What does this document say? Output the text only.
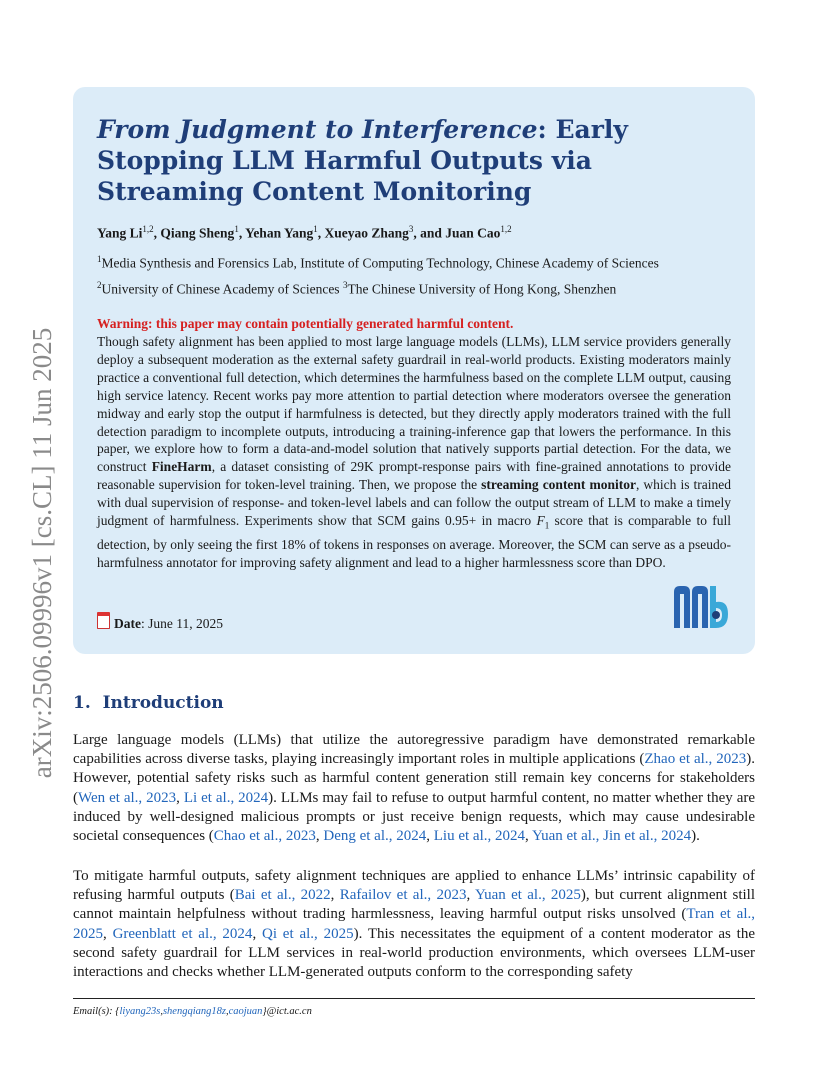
arXiv:2506.09996v1 [cs.CL] 11 Jun 2025
From Judgment to Interference: Early Stopping LLM Harmful Outputs via Streaming Content Monitoring
Yang Li$^{1,2}$, Qiang Sheng$^1$, Yehan Yang$^1$, Xueyao Zhang$^3$, and Juan Cao$^{1,2}$
$^1$Media Synthesis and Forensics Lab, Institute of Computing Technology, Chinese Academy of Sciences
$^2$University of Chinese Academy of Sciences $^3$The Chinese University of Hong Kong, Shenzhen
Warning: this paper may contain potentially generated harmful content.

Though safety alignment has been applied to most large language models (LLMs), LLM service providers generally deploy a subsequent moderation as the external safety guardrail in real-world products. Existing moderators mainly practice a conventional full detection, which determines the harmfulness based on the complete LLM output, causing high service latency. Recent works pay more attention to partial detection where moderators oversee the generation midway and early stop the output if harmfulness is detected, but they directly apply moderators trained with the full detection paradigm to incomplete outputs, introducing a training-inference gap that lowers the performance. In this paper, we explore how to form a data-and-model solution that natively supports partial detection. For the data, we construct FineHarm, a dataset consisting of 29K prompt-response pairs with fine-grained annotations to provide reasonable supervision for token-level training. Then, we propose the streaming content monitor, which is trained with dual supervision of response- and token-level labels and can follow the output stream of LLM to make a timely judgment of harmfulness. Experiments show that SCM gains 0.95+ in macro $F_1$ score that is comparable to full detection, by only seeing the first 18% of tokens in responses on average. Moreover, the SCM can serve as a pseudo-harmfulness annotator for improving safety alignment and lead to a higher harmlessness score than DPO.

Date: June 11, 2025
1. Introduction

Large language models (LLMs) that utilize the autoregressive paradigm have demonstrated remarkable capabilities across diverse tasks, playing increasingly important roles in multiple applications (Zhao et al., 2023). However, potential safety risks such as harmful content generation still remain key concerns for stakeholders (Wen et al., 2023, Li et al., 2024). LLMs may fail to refuse to output harmful content, no matter whether they are induced by well-designed malicious prompts or just receive benign requests, which may cause undesirable societal consequences (Chao et al., 2023, Deng et al., 2024, Liu et al., 2024, Yuan et al., Jin et al., 2024).

To mitigate harmful outputs, safety alignment techniques are applied to enhance LLMs’ intrinsic capability of refusing harmful outputs (Bai et al., 2022, Rafailov et al., 2023, Yuan et al., 2025), but current alignment still cannot maintain helpfulness without trading harmlessness, leaving harmful output risks unsolved (Tran et al., 2025, Greenblatt et al., 2024, Qi et al., 2025). This necessitates the equipment of a content moderator as the second safety guardrail for LLM services in real-world production environments, which oversees LLM-user interactions and checks whether LLM-generated outputs conform to the corresponding safety

Email(s): {liyang23s,shengqiang18z,caojuan}@ict.ac.cn
